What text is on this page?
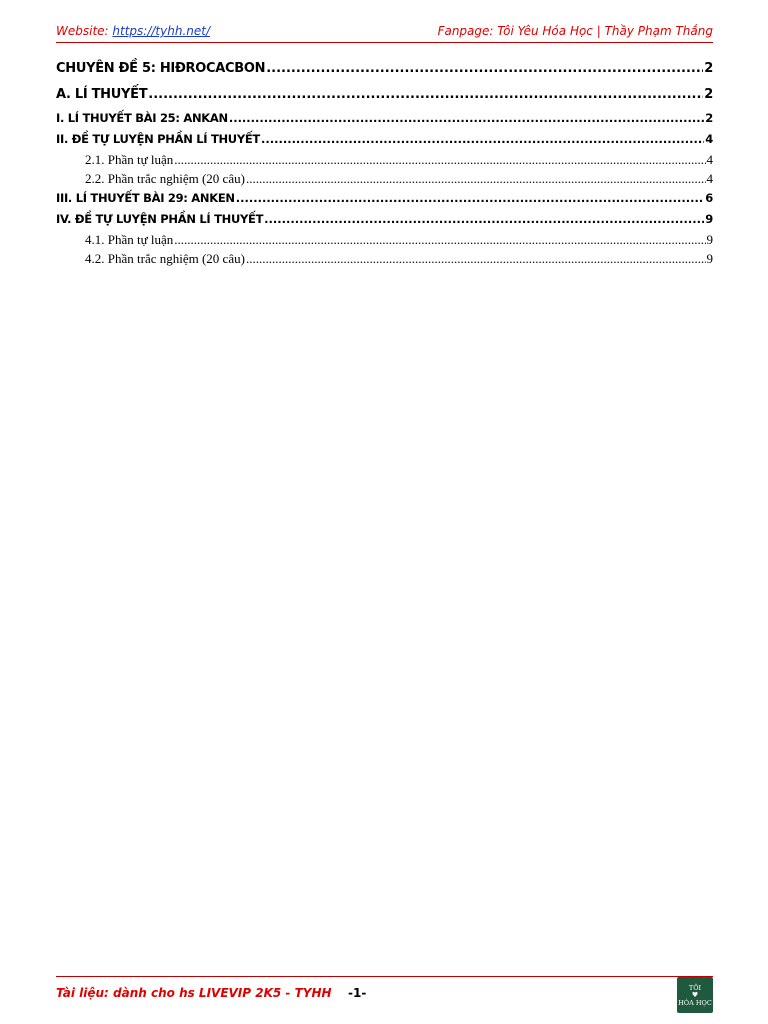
Website: https://tyhh.net/	Fanpage: Tôi Yêu Hóa Học | Thầy Phạm Thắng
CHUYÊN ĐỀ 5: HIĐROCACBON .....	2
A. LÍ THUYẾT .....	2
I. LÍ THUYẾT BÀI 25: ANKAN .....	2
II. ĐỀ TỰ LUYỆN PHẦN LÍ THUYẾT .....	4
2.1. Phần tự luận .....	4
2.2. Phần trắc nghiệm (20 câu) .....	4
III. LÍ THUYẾT BÀI 29: ANKEN .....	6
IV. ĐỀ TỰ LUYỆN PHẦN LÍ THUYẾT .....	9
4.1. Phần tự luận .....	9
4.2. Phần trắc nghiệm (20 câu) .....	9
Tài liệu: dành cho hs LIVEVIP 2K5 - TYHH -1-	TÔI
♥
HÓA HỌC
